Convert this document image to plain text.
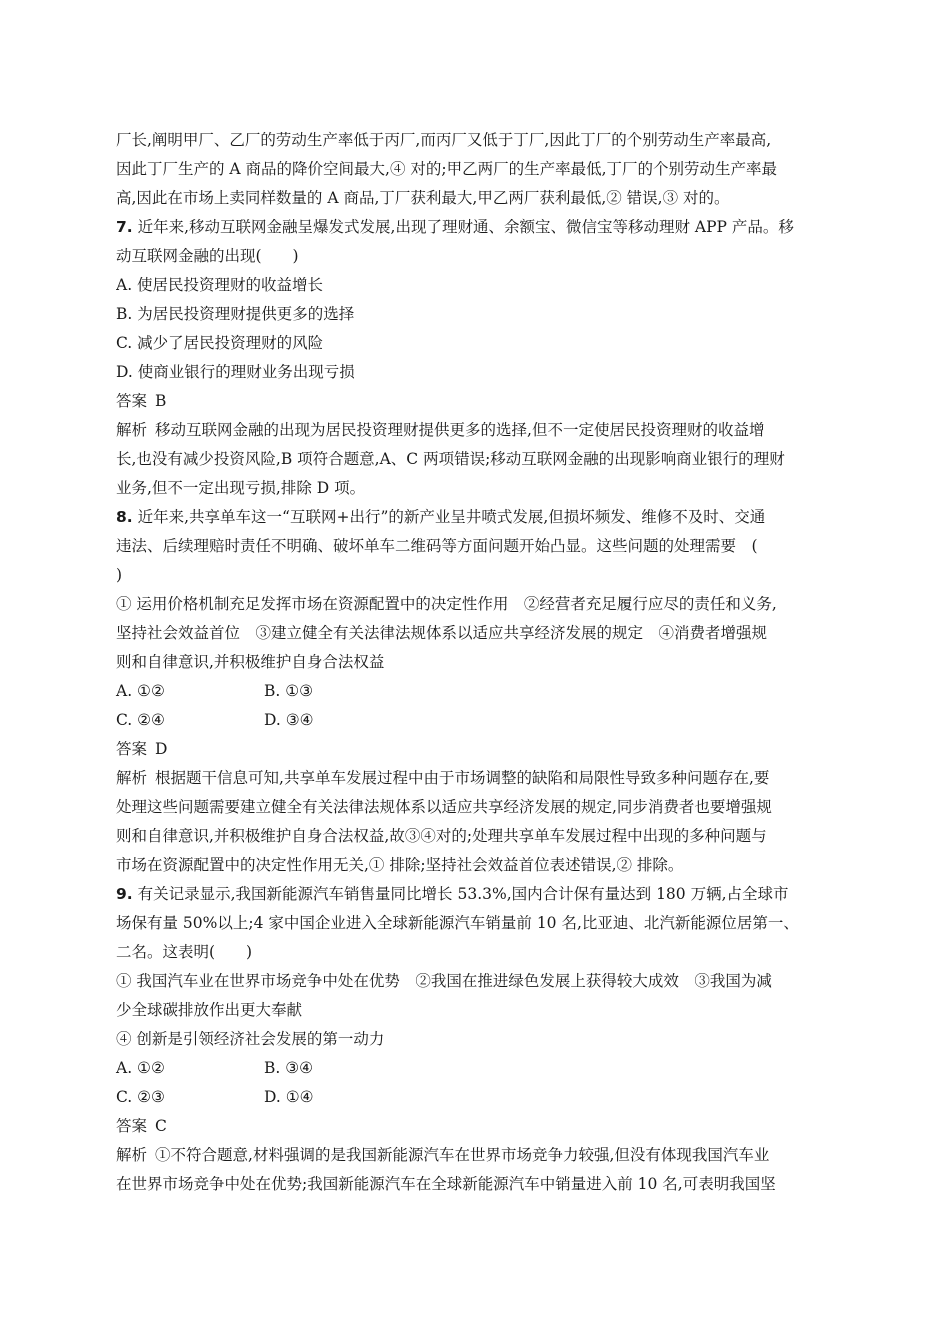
厂长,阐明甲厂、乙厂的劳动生产率低于丙厂,而丙厂又低于丁厂,因此丁厂的个别劳动生产率最高,
因此丁厂生产的 A 商品的降价空间最大,④ 对的;甲乙两厂的生产率最低,丁厂的个别劳动生产率最
高,因此在市场上卖同样数量的 A 商品,丁厂获利最大,甲乙两厂获利最低,② 错误,③ 对的。
7. 近年来,移动互联网金融呈爆发式发展,出现了理财通、余额宝、微信宝等移动理财 APP 产品。移
动互联网金融的出现(　　)
A. 使居民投资理财的收益增长
B. 为居民投资理财提供更多的选择
C. 减少了居民投资理财的风险
D. 使商业银行的理财业务出现亏损
答案 B
解析 移动互联网金融的出现为居民投资理财提供更多的选择,但不一定使居民投资理财的收益增
长,也没有减少投资风险,B 项符合题意,A、C 两项错误;移动互联网金融的出现影响商业银行的理财
业务,但不一定出现亏损,排除 D 项。
8. 近年来,共享单车这一“互联网+出行”的新产业呈井喷式发展,但损坏频发、维修不及时、交通
违法、后续理赔时责任不明确、破坏单车二维码等方面问题开始凸显。这些问题的处理需要　(
)
① 运用价格机制充足发挥市场在资源配置中的决定性作用　②经营者充足履行应尽的责任和义务,
坚持社会效益首位　③建立健全有关法律法规体系以适应共享经济发展的规定　④消费者增强规
则和自律意识,并积极维护自身合法权益
A. ①②	B. ①③
C. ②④	D. ③④
答案 D
解析 根据题干信息可知,共享单车发展过程中由于市场调整的缺陷和局限性导致多种问题存在,要
处理这些问题需要建立健全有关法律法规体系以适应共享经济发展的规定,同步消费者也要增强规
则和自律意识,并积极维护自身合法权益,故③④对的;处理共享单车发展过程中出现的多种问题与
市场在资源配置中的决定性作用无关,① 排除;坚持社会效益首位表述错误,② 排除。
9. 有关记录显示,我国新能源汽车销售量同比增长 53.3%,国内合计保有量达到 180 万辆,占全球市
场保有量 50%以上;4 家中国企业进入全球新能源汽车销量前 10 名,比亚迪、北汽新能源位居第一、
二名。这表明(　　)
① 我国汽车业在世界市场竞争中处在优势　②我国在推进绿色发展上获得较大成效　③我国为减
少全球碳排放作出更大奉献
④ 创新是引领经济社会发展的第一动力
A. ①②	B. ③④
C. ②③	D. ①④
答案 C
解析 ①不符合题意,材料强调的是我国新能源汽车在世界市场竞争力较强,但没有体现我国汽车业
在世界市场竞争中处在优势;我国新能源汽车在全球新能源汽车中销量进入前 10 名,可表明我国坚
